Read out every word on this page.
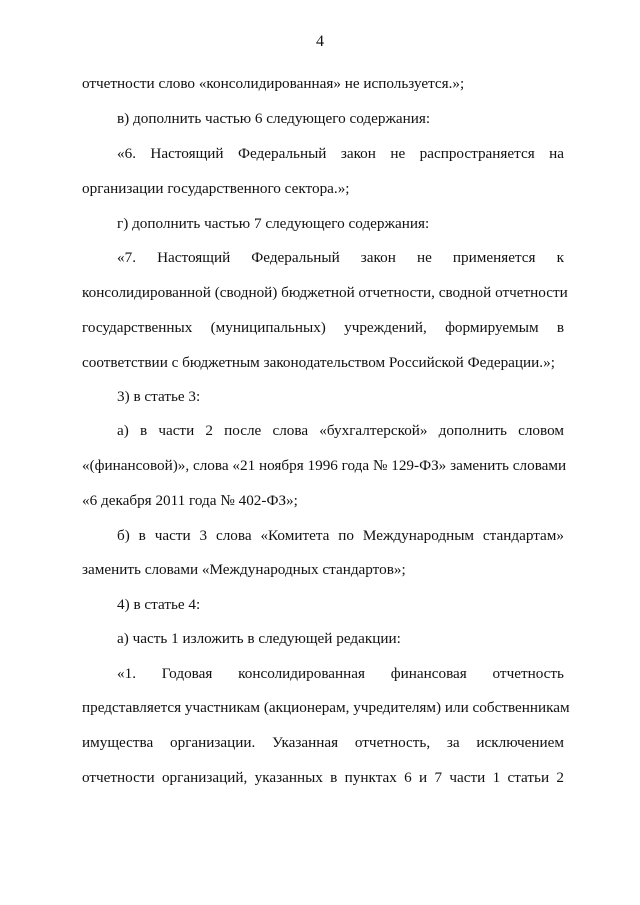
4
отчетности слово «консолидированная» не используется.»;
в) дополнить частью 6 следующего содержания:
«6. Настоящий Федеральный закон не распространяется на
организации государственного сектора.»;
г) дополнить частью 7 следующего содержания:
«7. Настоящий Федеральный закон не применяется к
консолидированной (сводной) бюджетной отчетности, сводной отчетности
государственных (муниципальных) учреждений, формируемым в
соответствии с бюджетным законодательством Российской Федерации.»;
3) в статье 3:
а) в части 2 после слова «бухгалтерской» дополнить словом
«(финансовой)», слова «21 ноября 1996 года № 129-ФЗ» заменить словами
«6 декабря 2011 года № 402-ФЗ»;
б) в части 3 слова «Комитета по Международным стандартам»
заменить словами «Международных стандартов»;
4) в статье 4:
а) часть 1 изложить в следующей редакции:
«1. Годовая консолидированная финансовая отчетность
представляется участникам (акционерам, учредителям) или собственникам
имущества организации. Указанная отчетность, за исключением
отчетности организаций, указанных в пунктах 6 и 7 части 1 статьи 2
